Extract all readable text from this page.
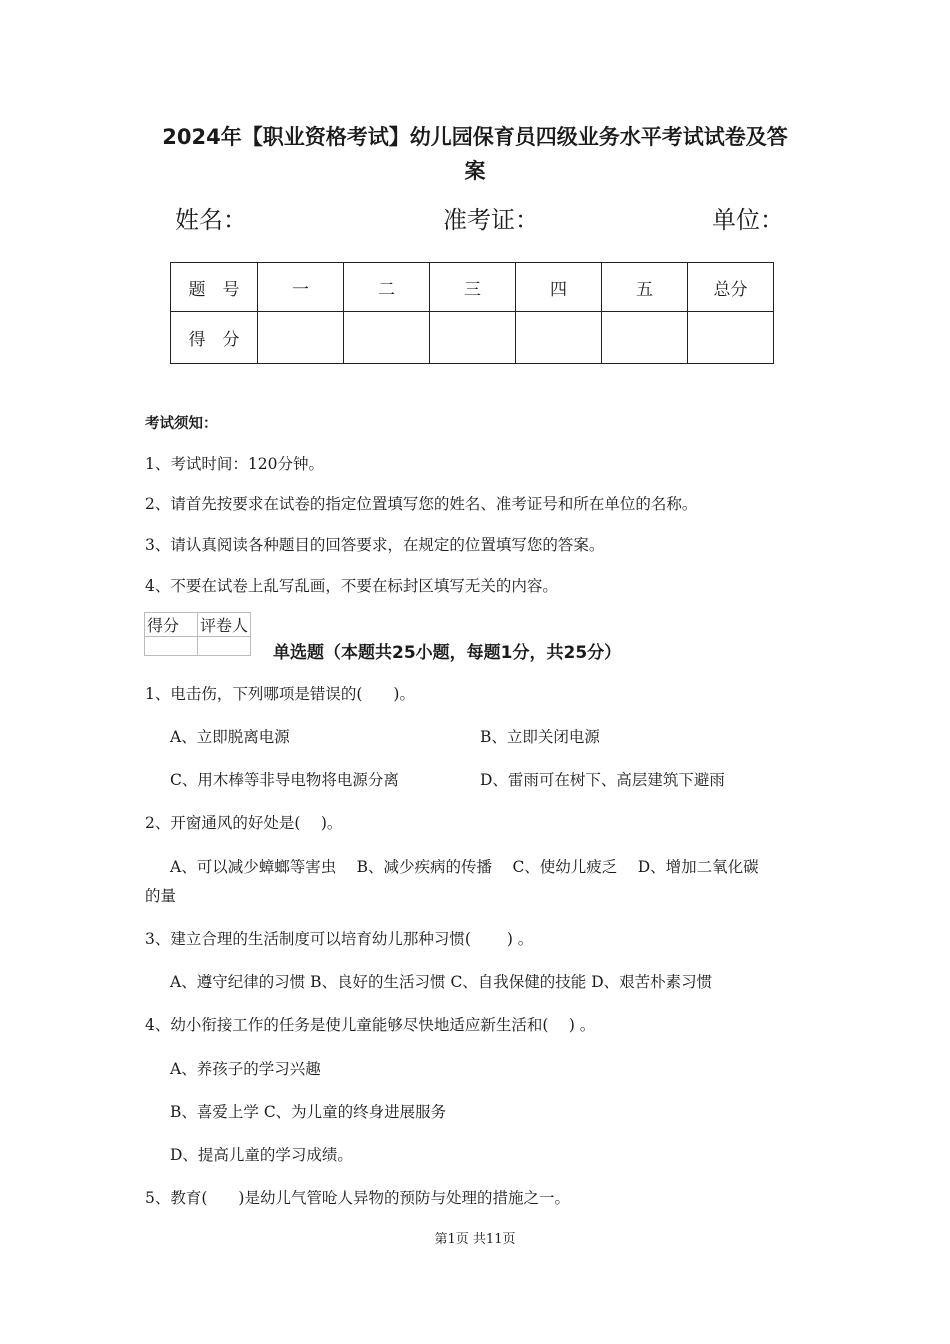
2024年【职业资格考试】幼儿园保育员四级业务水平考试试卷及答
案
姓名：	准考证：	单位：
题　号	一	二	三	四	五	总分
得　分						
考试须知：
1、考试时间：120分钟。
2、请首先按要求在试卷的指定位置填写您的姓名、准考证号和所在单位的名称。
3、请认真阅读各种题目的回答要求，在规定的位置填写您的答案。
4、不要在试卷上乱写乱画，不要在标封区填写无关的内容。
得分	评卷人

单选题（本题共25小题，每题1分，共25分）
1、电击伤，下列哪项是错误的(　　)。
A、立即脱离电源	B、立即关闭电源
C、用木棒等非导电物将电源分离	D、雷雨可在树下、高层建筑下避雨
2、开窗通风的好处是(　 )。
A、可以减少蟑螂等害虫　 B、减少疾病的传播　 C、使幼儿疲乏　 D、增加二氧化碳
的量
3、建立合理的生活制度可以培育幼儿那种习惯(　　 ) 。
A、遵守纪律的习惯 B、良好的生活习惯 C、自我保健的技能 D、艰苦朴素习惯
4、幼小衔接工作的任务是使儿童能够尽快地适应新生活和(　 ) 。
A、养孩子的学习兴趣
B、喜爱上学 C、为儿童的终身进展服务
D、提高儿童的学习成绩。
5、教育(　　)是幼儿气管呛人异物的预防与处理的措施之一。
第1页 共11页
